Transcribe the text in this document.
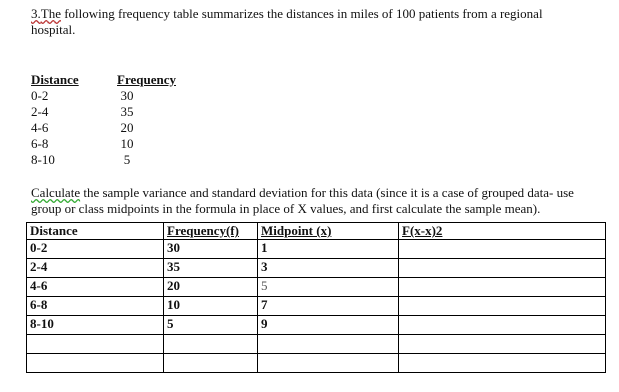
3.The following frequency table summarizes the distances in miles of 100 patients from a regional hospital.

Distance	Frequency
0-2	30
2-4	35
4-6	20
6-8	10
8-10	5

Calculate the sample variance and standard deviation for this data (since it is a case of grouped data- use group or class midpoints in the formula in place of X values, and first calculate the sample mean).

Distance	Frequency(f)	Midpoint (x)	F(x-x)2
0-2	30	1	
2-4	35	3	
4-6	20	5	
6-8	10	7	
8-10	5	9	
